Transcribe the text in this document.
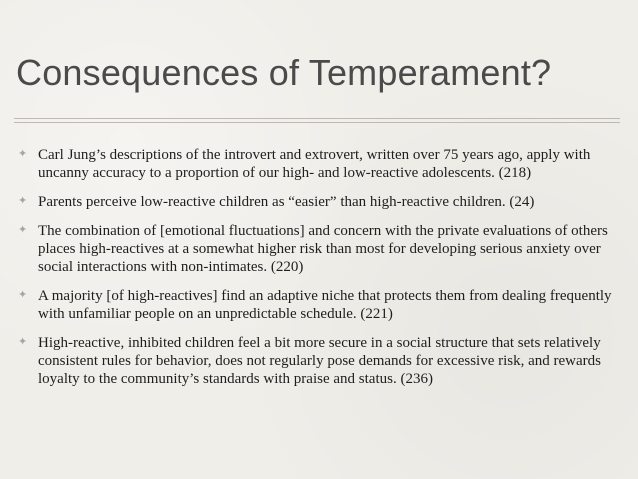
Consequences of Temperament?
✦ Carl Jung’s descriptions of the introvert and extrovert, written over 75 years ago, apply with uncanny accuracy to a proportion of our high- and low-reactive adolescents. (218)
✦ Parents perceive low-reactive children as “easier” than high-reactive children. (24)
✦ The combination of [emotional fluctuations] and concern with the private evaluations of others places high-reactives at a somewhat higher risk than most for developing serious anxiety over social interactions with non-intimates. (220)
✦ A majority [of high-reactives] find an adaptive niche that protects them from dealing frequently with unfamiliar people on an unpredictable schedule. (221)
✦ High-reactive, inhibited children feel a bit more secure in a social structure that sets relatively consistent rules for behavior, does not regularly pose demands for excessive risk, and rewards loyalty to the community’s standards with praise and status. (236)
